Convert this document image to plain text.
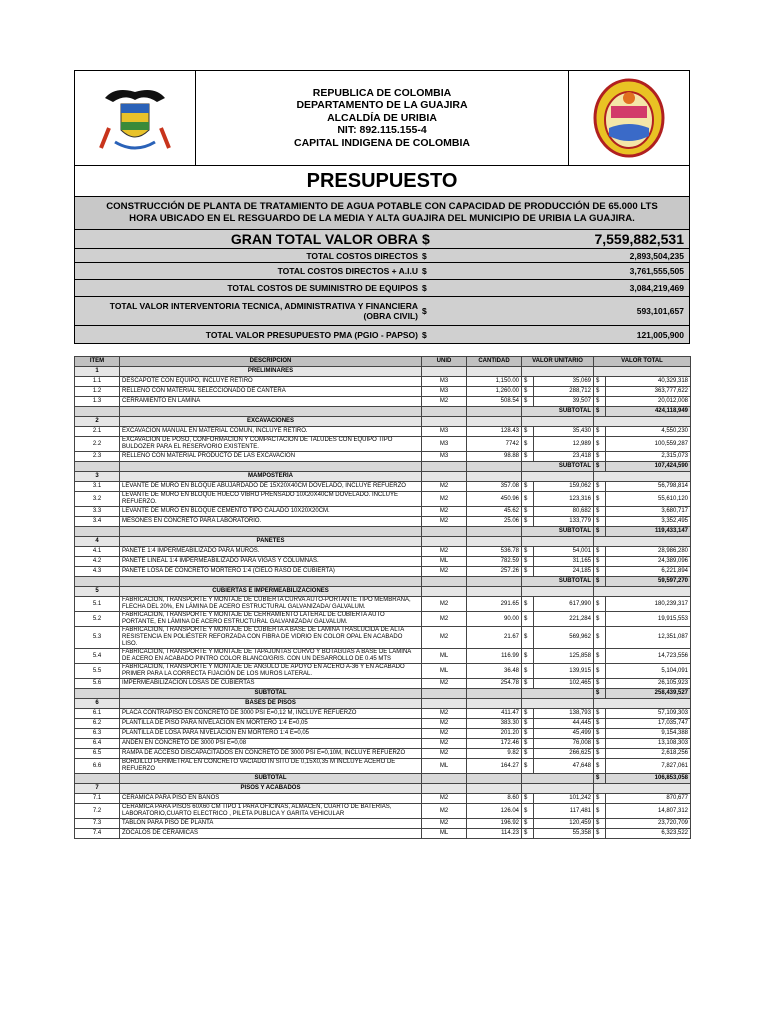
REPUBLICA DE COLOMBIA
DEPARTAMENTO DE LA GUAJIRA
ALCALDÍA DE URIBIA
NIT: 892.115.155-4
CAPITAL INDIGENA DE COLOMBIA
PRESUPUESTO
CONSTRUCCIÓN DE PLANTA DE TRATAMIENTO DE AGUA POTABLE CON CAPACIDAD DE PRODUCCIÓN DE 65.000 LTS
HORA UBICADO EN EL RESGUARDO DE LA MEDIA Y ALTA GUAJIRA DEL MUNICIPIO DE URIBIA LA GUAJIRA.
GRAN TOTAL VALOR OBRA $	7,559,882,531
TOTAL COSTOS DIRECTOS $	2,893,504,235
TOTAL COSTOS DIRECTOS + A.I.U $	3,761,555,505
TOTAL COSTOS DE SUMINISTRO DE EQUIPOS $	3,084,219,469
TOTAL VALOR INTERVENTORIA TECNICA, ADMINISTRATIVA Y FINANCIERA (OBRA CIVIL) $	593,101,657
TOTAL VALOR PRESUPUESTO PMA (PGIO - PAPSO) $	121,005,900
ITEM	DESCRIPCION	UNID	CANTIDAD	VALOR UNITARIO		VALOR TOTAL	
1	PRELIMINARES						
1.1	DESCAPOTE CON EQUIPO, INCLUYE RETIRO	M3	1,150.00	$	35,069	$	40,329,318
1.2	RELLENO CON MATERIAL SELECCIONADO DE CANTERA	M3	1,260.00	$	288,712	$	363,777,622
1.3	CERRAMIENTO EN LAMINA	M2	508.54	$	39,507	$	20,012,008
				SUBTOTAL		$	424,118,949
2	EXCAVACIONES						
2.1	EXCAVACIÓN MANUAL EN MATERIAL COMÚN, INCLUYE RETIRO.	M3	128.43	$	35,430	$	4,550,230
2.2	EXCAVACIÓN DE POSO, CONFORMACIÓN Y COMPACTACIÓN DE TALUDES CON EQUIPO TIPO BULDOZER PARA EL RESERVORIO EXISTENTE.	M3	7742	$	12,989	$	100,559,287
2.3	RELLENO CON MATERIAL PRODUCTO DE LAS EXCAVACIÓN	M3	98.88	$	23,418	$	2,315,073
				SUBTOTAL		$	107,424,590
3	MAMPOSTERÍA						
3.1	LEVANTE DE MURO EN BLOQUE ABUJARDADO DE 15X20X40CM DOVELADO, INCLUYE REFUERZO	M2	357.08	$	159,062	$	56,798,814
3.2	LEVANTE DE MURO EN BLOQUE HUECO VIBRO PRENSADO 10X20X40CM DOVELADO. INCLUYE REFUERZO.	M2	450.96	$	123,316	$	55,610,120
3.3	LEVANTE DE MURO EN BLOQUE CEMENTO TIPO CALADO 10X20X20CM.	M2	45.62	$	80,682	$	3,680,717
3.4	MESONES EN CONCRETO PARA LABORATORIO.	M2	25.06	$	133,779	$	3,352,495
				SUBTOTAL		$	119,433,147
4	PAÑETES						
4.1	PAÑETE 1:4 IMPERMEABILIZADO PARA MUROS.	M2	536.78	$	54,001	$	28,986,280
4.2	PAÑETE LINEAL 1:4 IMPERMEABILIZADO PARA VIGAS Y COLUMNAS.	ML	782.59	$	31,165	$	24,389,096
4.3	PAÑETE LOSA DE CONCRETO MORTERO 1:4 (CIELO RASO DE CUBIERTA)	M2	257.26	$	24,185	$	6,221,894
				SUBTOTAL		$	59,597,270
5	CUBIERTAS E IMPERMEABILIZACIONES						
5.1	FABRICACIÓN, TRANSPORTE Y MONTAJE DE CUBIERTA CURVA AUTO-PORTANTE TIPO MEMBRANA, FLECHA DEL 20%, EN LÁMINA DE ACERO ESTRUCTURAL GALVANIZADA/ GALVALUM.	M2	291.65	$	617,990	$	180,239,317
5.2	FABRICACIÓN, TRANSPORTE Y MONTAJE DE CERRAMIENTO LATERAL DE CUBIERTA AUTO PORTANTE, EN LÁMINA DE ACERO ESTRUCTURAL GALVANIZADA/ GALVALUM.	M2	90.00	$	221,284	$	19,915,553
5.3	FABRICACIÓN, TRANSPORTE Y MONTAJE DE CUBIERTA A BASE DE LÁMINA TRASLUCIDA DE ALTA RESISTENCIA EN POLIÉSTER REFORZADA CON FIBRA DE VIDRIO EN COLOR OPAL EN ACABADO LISO.	M2	21.67	$	569,962	$	12,351,087
5.4	FABRICACIÓN, TRANSPORTE Y MONTAJE DE TAPAJUNTAS CURVO Y BOTAGUAS A BASE DE LÁMINA DE ACERO EN ACABADO PINTRO COLOR BLANCO/GRIS. CON UN DESARROLLO DE 0.45 MTS	ML	116.99	$	125,858	$	14,723,556
5.5	FABRICACIÓN, TRANSPORTE Y MONTAJE DE ÁNGULO DE APOYO EN ACERO A-36 Y EN ACABADO PRIMER PARA LA CORRECTA FIJACIÓN DE LOS MUROS LATERAL.	ML	36.48	$	139,915	$	5,104,091
5.6	IMPERMEABILIZACIÓN LOSAS DE CUBIERTAS	M2	254.78	$	102,465	$	26,105,923
	SUBTOTAL					$	258,439,527
6	BASES DE PISOS						
6.1	PLACA CONTRAPISO EN CONCRETO DE 3000 PSI E=0,12 M, INCLUYE REFUERZO	M2	411.47	$	138,793	$	57,109,303
6.2	PLANTILLA DE PISO PARA NIVELACIÓN EN MORTERO 1:4 E=0,05	M2	383.30	$	44,445	$	17,035,747
6.3	PLANTILLA DE LOSA PARA NIVELACIÓN EN MORTERO 1:4 E=0,05	M2	201.20	$	45,499	$	9,154,388
6.4	ANDÉN EN CONCRETO DE 3000 PSI E=0,08	M2	172.46	$	76,008	$	13,108,303
6.5	RAMPA DE ACCESO DISCAPACITADOS EN CONCRETO DE 3000 PSI E=0,10M, INCLUYE REFUERZO	M2	9.82	$	266,625	$	2,618,256
6.6	BORDILLO PERIMETRAL EN CONCRETO VACIADO IN SITU DE 0,15X0,35 M INCLUYE ACERO DE REFUERZO	ML	164.27	$	47,648	$	7,827,061
	SUBTOTAL					$	106,853,058
7	PISOS Y ACABADOS						
7.1	CERÁMICA PARA PISO EN BAÑOS	M2	8.60	$	101,242	$	870,677
7.2	CERÁMICA PARA PISOS 60X60 CM TIPO 1 PARA OFICINAS, ALMACEN, CUARTO DE BATERIAS, LABORATORIO,CUARTO ELECTRICO , PILETA PUBLICA Y GARITA VEHICULAR	M2	126.04	$	117,481	$	14,807,312
7.3	TABLON PARA PISO DE PLANTA	M2	196.92	$	120,459	$	23,720,709
7.4	ZÓCALOS DE CERÁMICAS	ML	114.23	$	55,358	$	6,323,522
